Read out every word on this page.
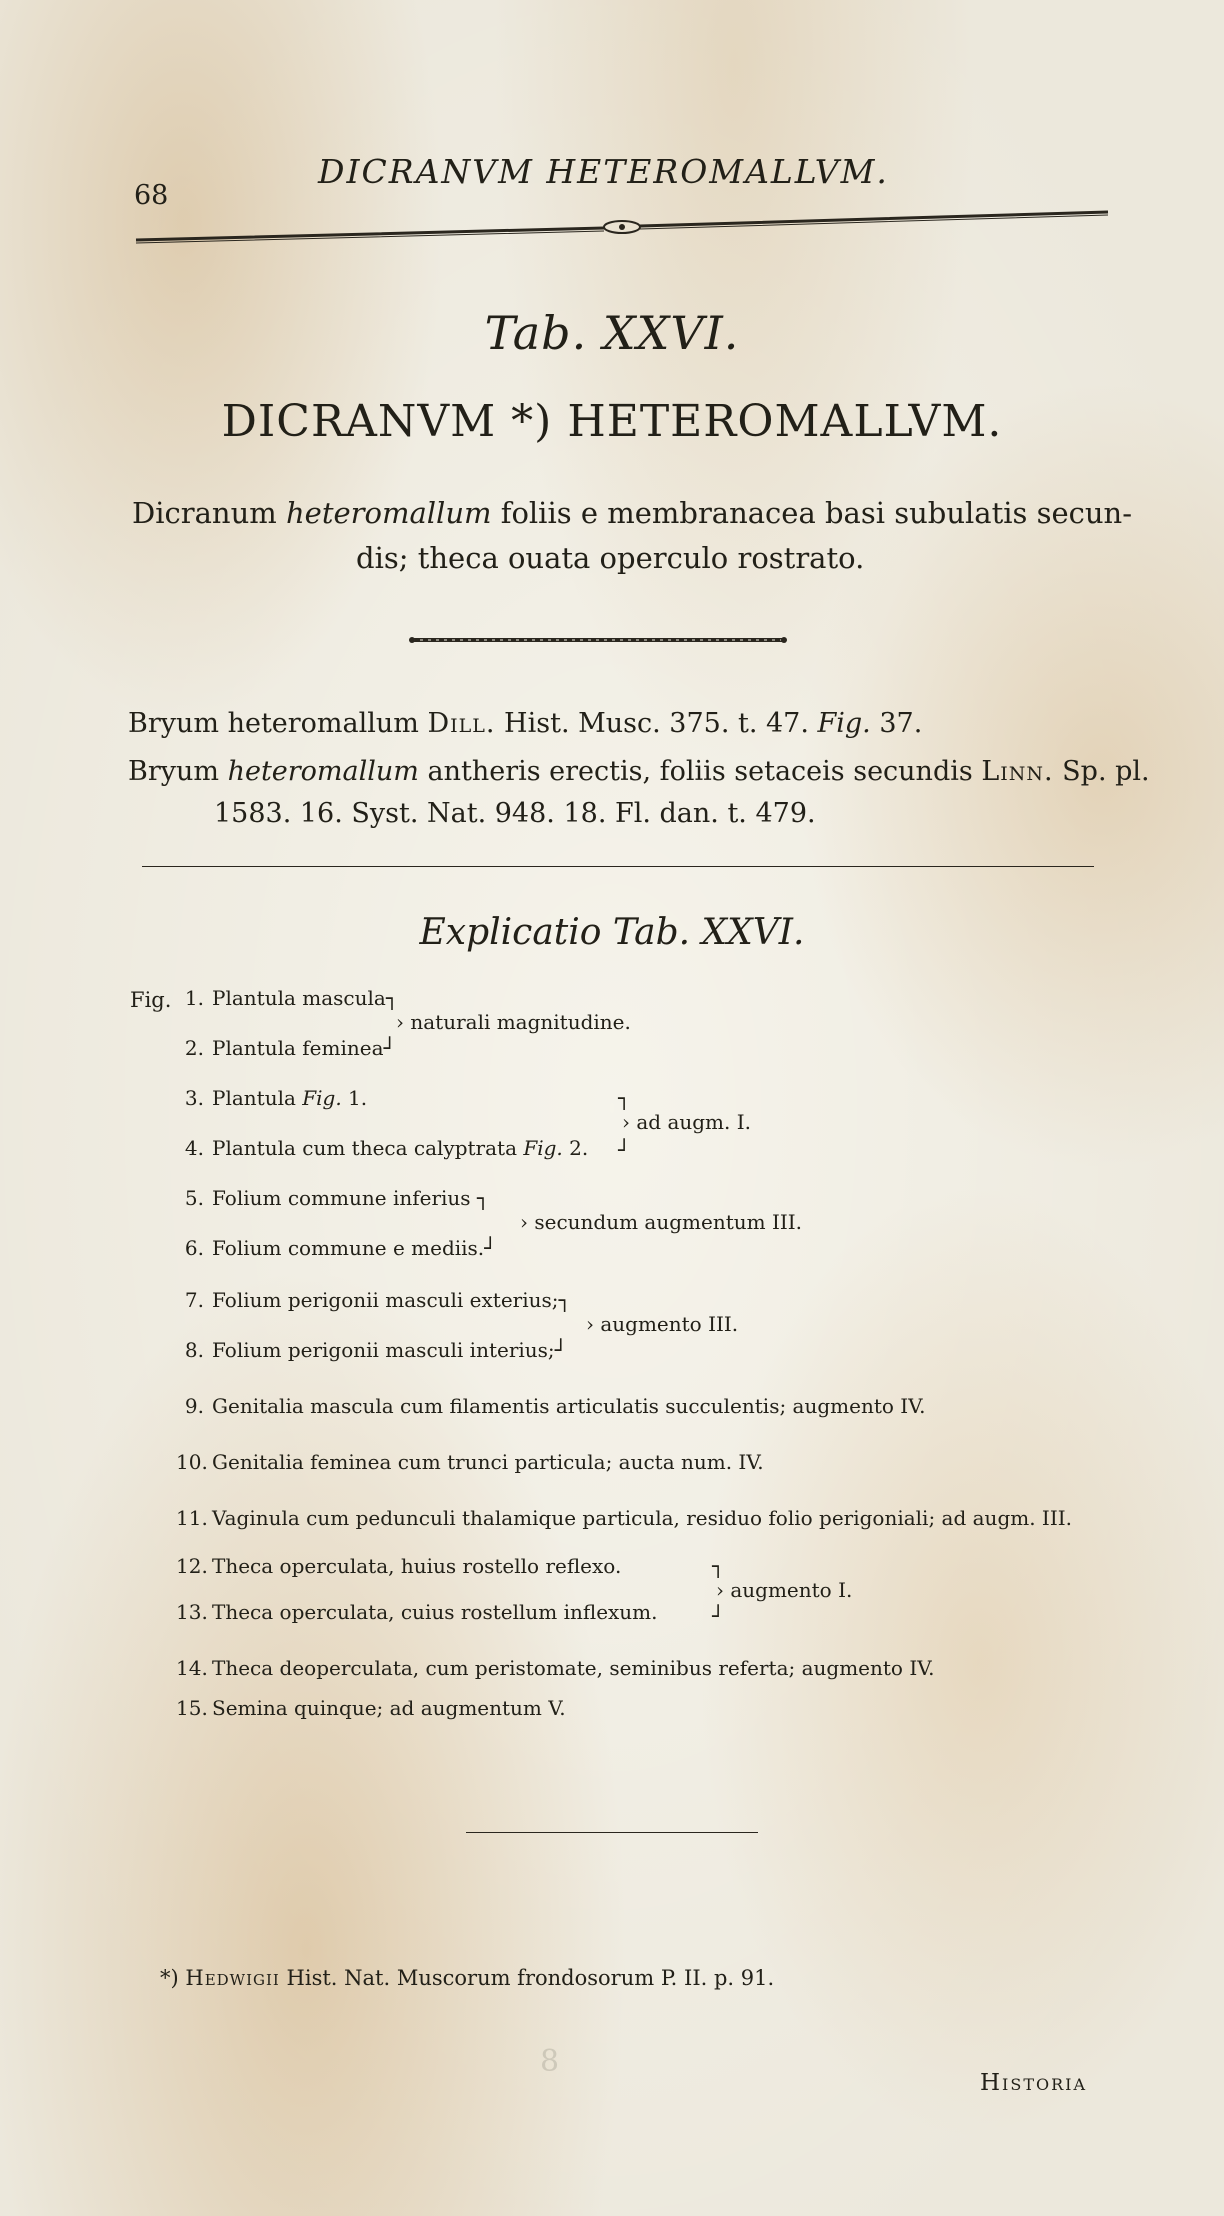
68
DICRANVM HETEROMALLVM.
Tab. XXVI.
DICRANVM *) HETEROMALLVM.
Dicranum heteromallum foliis e membranacea basi subulatis secun-
dis; theca ouata operculo rostrato.
Bryum heteromallum Dill. Hist. Musc. 375. t. 47. Fig. 37.
Bryum heteromallum antheris erectis, foliis setaceis secundis Linn. Sp. pl.
1583. 16. Syst. Nat. 948. 18. Fl. dan. t. 479.
Explicatio Tab. XXVI.
Fig. 1. Plantula mascula┐
2. Plantula feminea┘
› naturali magnitudine.
3. Plantula Fig. 1.
4. Plantula cum theca calyptrata Fig. 2.
┐
┘
› ad augm. I.
5. Folium commune inferius ┐
6. Folium commune e mediis.┘
› secundum augmentum III.
7. Folium perigonii masculi exterius;┐
8. Folium perigonii masculi interius;┘
› augmento III.
9. Genitalia mascula cum filamentis articulatis succulentis; augmento IV.
10. Genitalia feminea cum trunci particula; aucta num. IV.
11. Vaginula cum pedunculi thalamique particula, residuo folio perigoniali; ad augm. III.
12. Theca operculata, huius rostello reflexo.
13. Theca operculata, cuius rostellum inflexum.
┐
┘
› augmento I.
14. Theca deoperculata, cum peristomate, seminibus referta; augmento IV.
15. Semina quinque; ad augmentum V.
*) Hedwigii Hist. Nat. Muscorum frondosorum P. II. p. 91.
8
Historia
